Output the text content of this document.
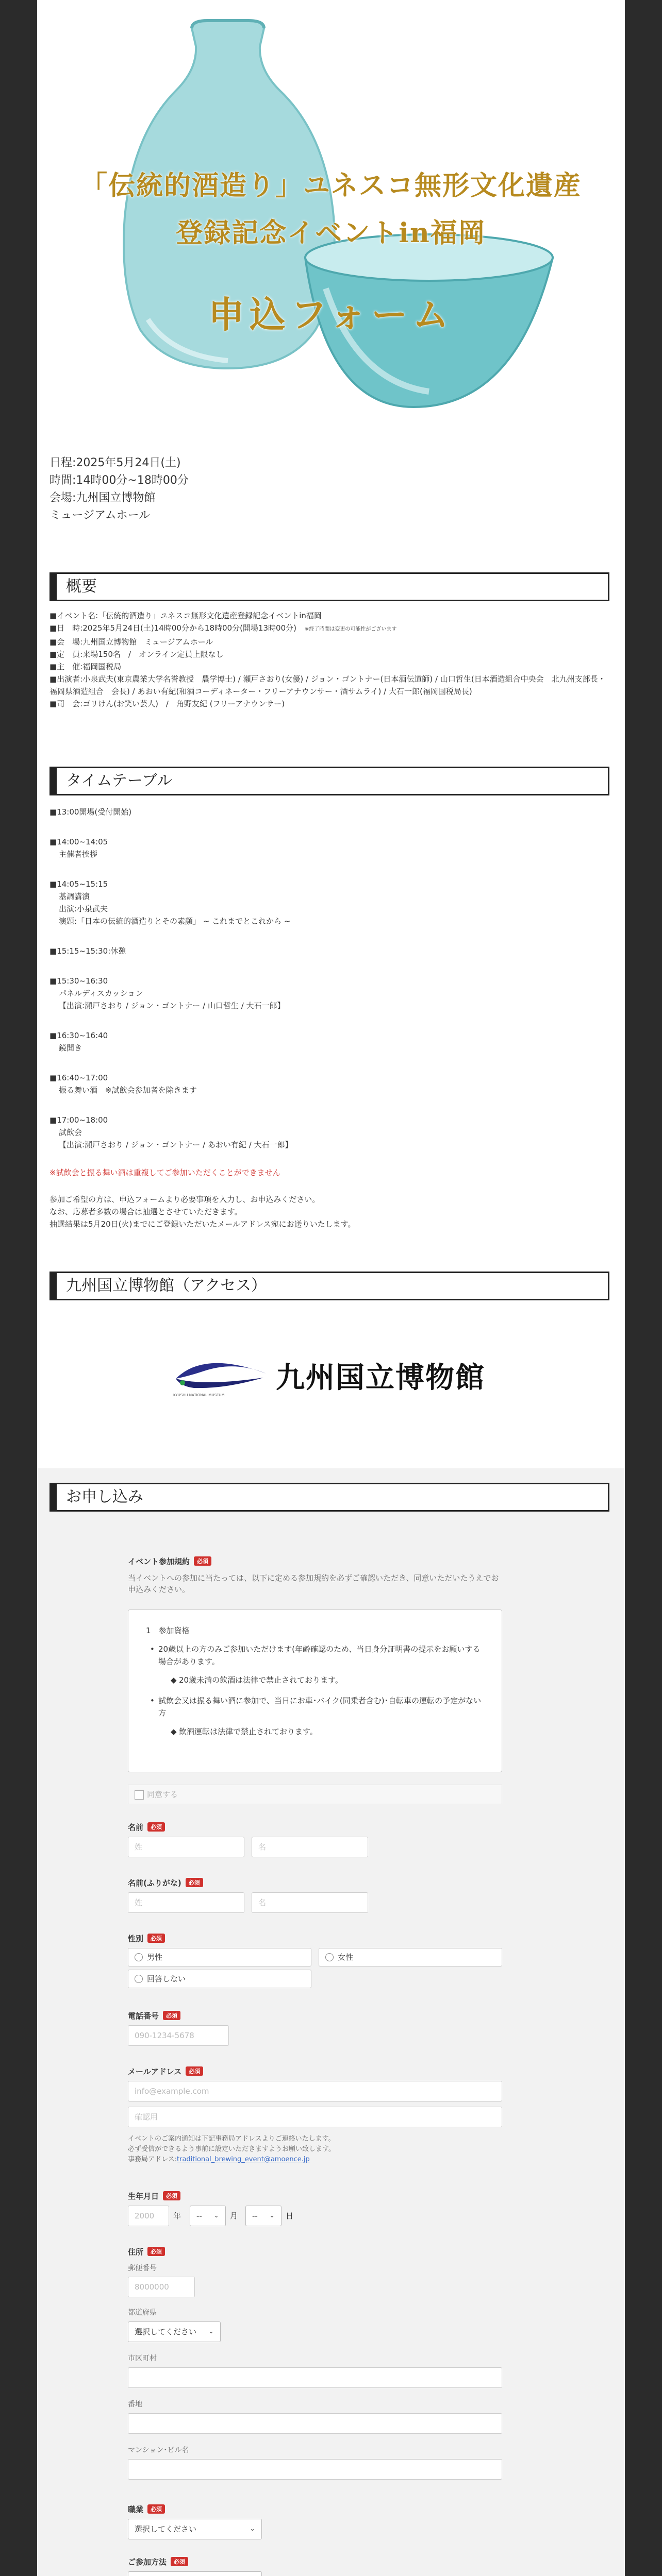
「伝統的酒造り」ユネスコ無形文化遺産
登録記念イベントin福岡
申込フォーム
日程:2025年5月24日(土)
時間:14時00分~18時00分
会場:九州国立博物館
ミュージアムホール
概要
■イベント名:「伝統的酒造り」ユネスコ無形文化遺産登録記念イベントin福岡
■日　時:2025年5月24日(土)14時00分から18時00分(開場13時00分) ※終了時間は変更の可能性がございます
■会　場:九州国立博物館　ミュージアムホール
■定　員:来場150名　/　オンライン定員上限なし
■主　催:福岡国税局
■出演者:小泉武夫(東京農業大学名誉教授　農学博士) / 瀬戸さおり(女優) / ジョン・ゴントナー(日本酒伝道師) / 山口哲生(日本酒造組合中央会　北九州支部長・福岡県酒造組合　会長) / あおい有紀(和酒コーディネーター・フリーアナウンサー・酒サムライ) / 大石一郎(福岡国税局長)
■司　会:ゴリけん(お笑い芸人)　/　角野友紀 (フリーアナウンサー)
タイムテーブル
■13:00開場(受付開始)
■14:00~14:05
主催者挨拶
■14:05~15:15
基調講演
出演:小泉武夫
演題:「日本の伝統的酒造りとその素顔」 ~ これまでとこれから ~
■15:15~15:30:休憩
■15:30~16:30
パネルディスカッション
【出演:瀬戸さおり / ジョン・ゴントナー / 山口哲生 / 大石一郎】
■16:30~16:40
鏡開き
■16:40~17:00
振る舞い酒　※試飲会参加者を除きます
■17:00~18:00
試飲会
【出演:瀬戸さおり / ジョン・ゴントナー / あおい有紀 / 大石一郎】
※試飲会と振る舞い酒は重複してご参加いただくことができません
参加ご希望の方は、申込フォームより必要事項を入力し、お申込みください。
なお、応募者多数の場合は抽選とさせていただきます。
抽選結果は5月20日(火)までにご登録いただいたメールアドレス宛にお送りいたします。
九州国立博物館（アクセス）
九州国立博物館
KYUSHU NATIONAL MUSEUM
お申し込み
イベント参加規約 必須
当イベントへの参加に当たっては、以下に定める参加規約を必ずご確認いただき、同意いただいたうえでお申込みください。
1　参加資格
• 20歳以上の方のみご参加いただけます(年齢確認のため、当日身分証明書の提示をお願いする場合があります。
◆ 20歳未満の飲酒は法律で禁止されております。
• 試飲会又は振る舞い酒に参加で、当日にお車･バイク(同乗者含む)･自転車の運転の予定がない方
◆ 飲酒運転は法律で禁止されております。
同意する
名前 必須
姓	名
名前(ふりがな) 必須
姓	名
性別 必須
男性	女性
回答しない
電話番号 必須
090-1234-5678
メールアドレス 必須
info@example.com
確認用
イベントのご案内通知は下記事務局アドレスよりご連絡いたします。
必ず受信ができるよう事前に設定いただきますようお願い致します。
事務局アドレス:traditional_brewing_event@amoence.jp
生年月日 必須
2000	年	-- ⌄ 月	-- ⌄ 日
住所 必須
郵便番号
8000000
都道府県
選択してください ⌄
市区町村
番地
マンション･ビル名
職業 必須
選択してください	⌄
ご参加方法 必須
